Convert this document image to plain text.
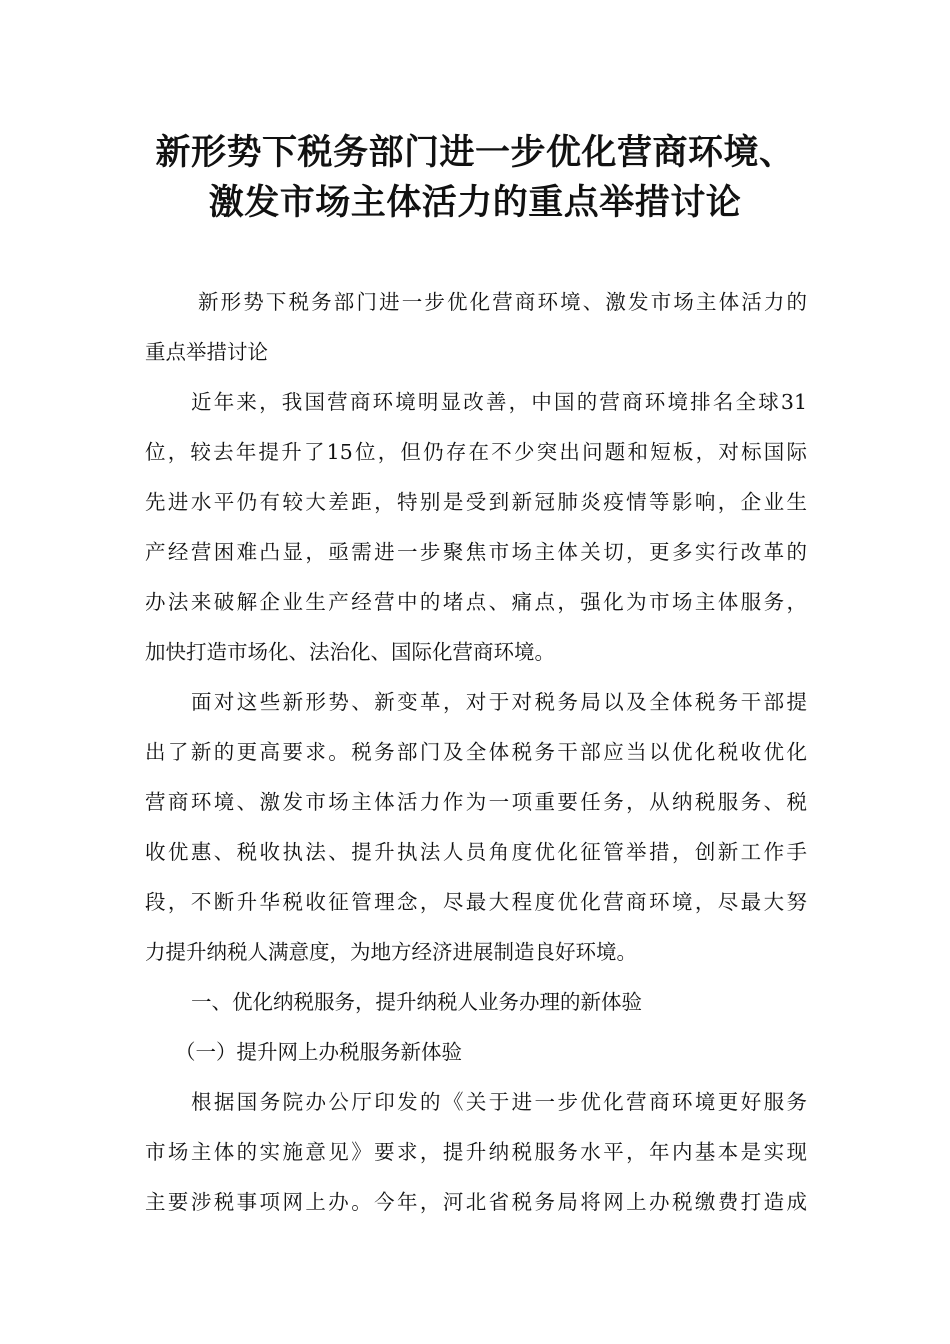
新形势下税务部门进一步优化营商环境、
激发市场主体活力的重点举措讨论
新形势下税务部门进一步优化营商环境、激发市场主体活力的
重点举措讨论
近年来，我国营商环境明显改善，中国的营商环境排名全球31
位，较去年提升了15位，但仍存在不少突出问题和短板，对标国际
先进水平仍有较大差距，特别是受到新冠肺炎疫情等影响，企业生
产经营困难凸显，亟需进一步聚焦市场主体关切，更多实行改革的
办法来破解企业生产经营中的堵点、痛点，强化为市场主体服务，
加快打造市场化、法治化、国际化营商环境。
面对这些新形势、新变革，对于对税务局以及全体税务干部提
出了新的更高要求。税务部门及全体税务干部应当以优化税收优化
营商环境、激发市场主体活力作为一项重要任务，从纳税服务、税
收优惠、税收执法、提升执法人员角度优化征管举措，创新工作手
段，不断升华税收征管理念，尽最大程度优化营商环境，尽最大努
力提升纳税人满意度，为地方经济进展制造良好环境。
一、优化纳税服务，提升纳税人业务办理的新体验
（一）提升网上办税服务新体验
根据国务院办公厅印发的《关于进一步优化营商环境更好服务
市场主体的实施意见》要求，提升纳税服务水平，年内基本是实现
主要涉税事项网上办。今年，河北省税务局将网上办税缴费打造成
